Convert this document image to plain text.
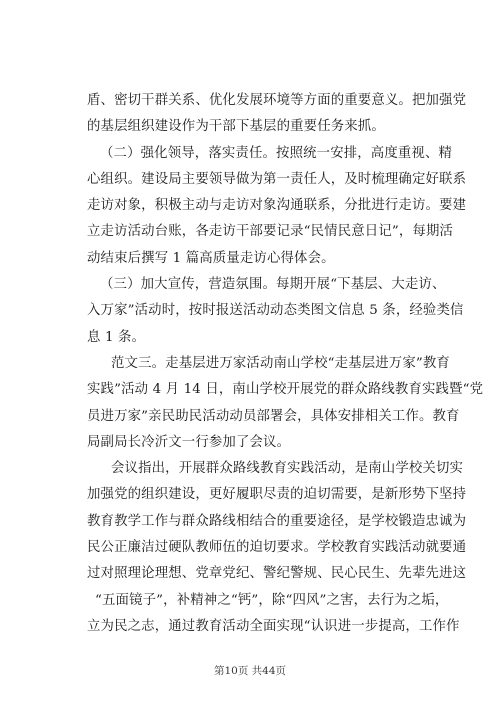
盾、密切干群关系、优化发展环境等方面的重要意义。把加强党
的基层组织建设作为干部下基层的重要任务来抓。
（二）强化领导，落实责任。按照统一安排，高度重视、精
心组织。建设局主要领导做为第一责任人，及时梳理确定好联系
走访对象，积极主动与走访对象沟通联系，分批进行走访。要建
立走访活动台账，各走访干部要记录“民情民意日记”，每期活
动结束后撰写 1 篇高质量走访心得体会。
（三）加大宣传，营造氛围。每期开展“下基层、大走访、
入万家”活动时，按时报送活动动态类图文信息 5 条，经验类信
息 1 条。
范文三。走基层进万家活动南山学校“走基层进万家”教育
实践”活动 4 月 14 日，南山学校开展党的群众路线教育实践暨“党
员进万家”亲民助民活动动员部署会，具体安排相关工作。教育
局副局长冷沂文一行参加了会议。
会议指出，开展群众路线教育实践活动，是南山学校关切实
加强党的组织建设，更好履职尽责的迫切需要，是新形势下坚持
教育教学工作与群众路线相结合的重要途径，是学校锻造忠诚为
民公正廉洁过硬队教师伍的迫切要求。学校教育实践活动就要通
过对照理论理想、党章党纪、警纪警规、民心民生、先辈先进这
“五面镜子”，补精神之“钙”，除“四风”之害，去行为之垢，
立为民之志，通过教育活动全面实现“认识进一步提高，工作作
第10页 共44页
